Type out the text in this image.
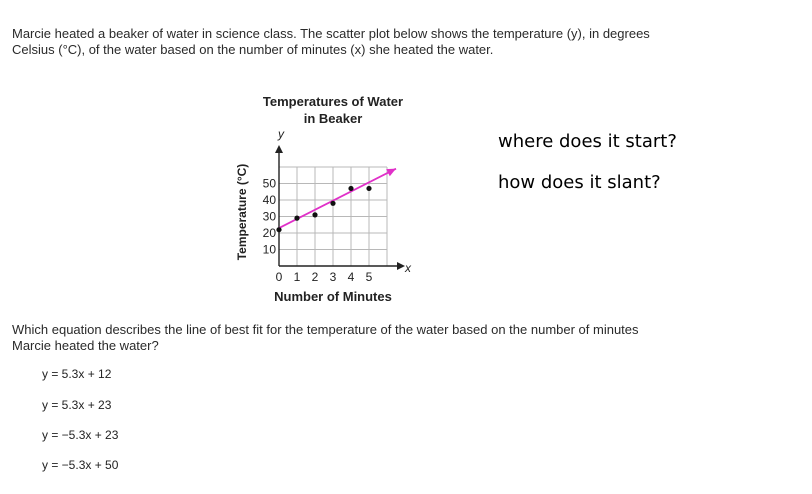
Marcie heated a beaker of water in science class. The scatter plot below shows the temperature (y), in degrees Celsius (°C), of the water based on the number of minutes (x) she heated the water.
Temperatures of Water
in Beaker
y
x
Temperature (°C)
Number of Minutes
10
20
30
40
50
0 1 2 3 4 5
where does it start?
how does it slant?
Which equation describes the line of best fit for the temperature of the water based on the number of minutes Marcie heated the water?
y = 5.3x + 12
y = 5.3x + 23
y = −5.3x + 23
y = −5.3x + 50
